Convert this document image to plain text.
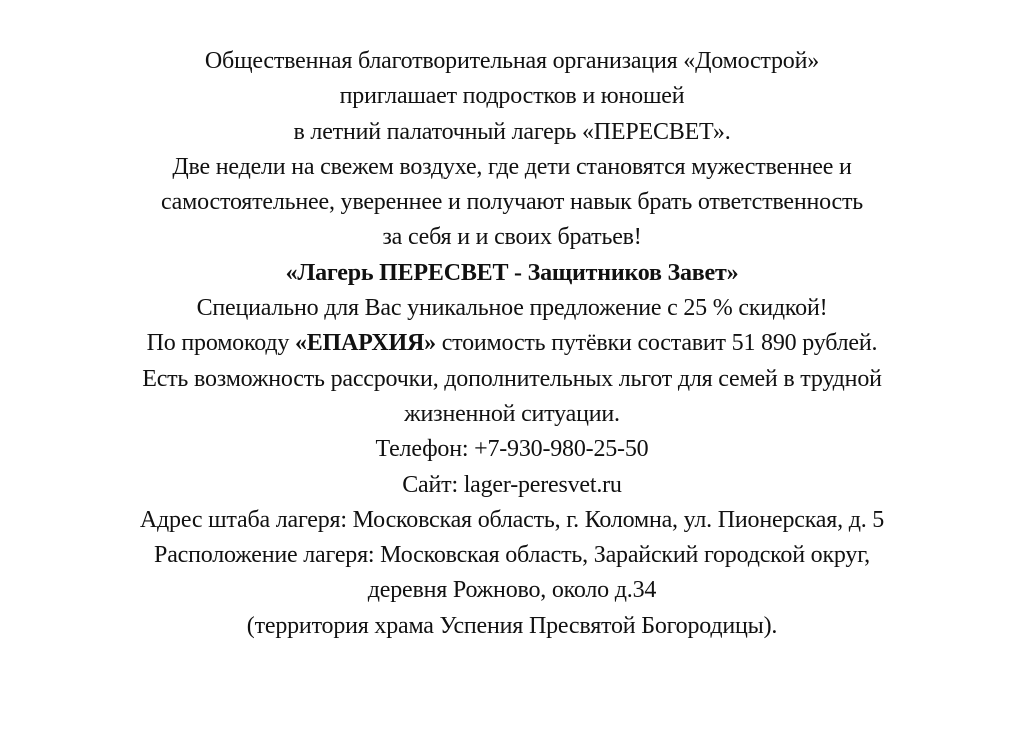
Общественная благотворительная организация «Домострой»
приглашает подростков и юношей
в летний палаточный лагерь «ПЕРЕСВЕТ».
Две недели на свежем воздухе, где дети становятся мужественнее и
самостоятельнее, увереннее и получают навык брать ответственность
за себя и и своих братьев!
«Лагерь ПЕРЕСВЕТ - Защитников Завет»
Специально для Вас уникальное предложение с 25 % скидкой!
По промокоду «ЕПАРХИЯ» стоимость путёвки составит 51 890 рублей.
Есть возможность рассрочки, дополнительных льгот для семей в трудной
жизненной ситуации.
Телефон: +7-930-980-25-50
Сайт: lager-peresvet.ru
Адрес штаба лагеря: Московская область, г. Коломна, ул. Пионерская, д. 5
Расположение лагеря: Московская область, Зарайский городской округ,
деревня Рожново, около д.34
(территория храма Успения Пресвятой Богородицы).
